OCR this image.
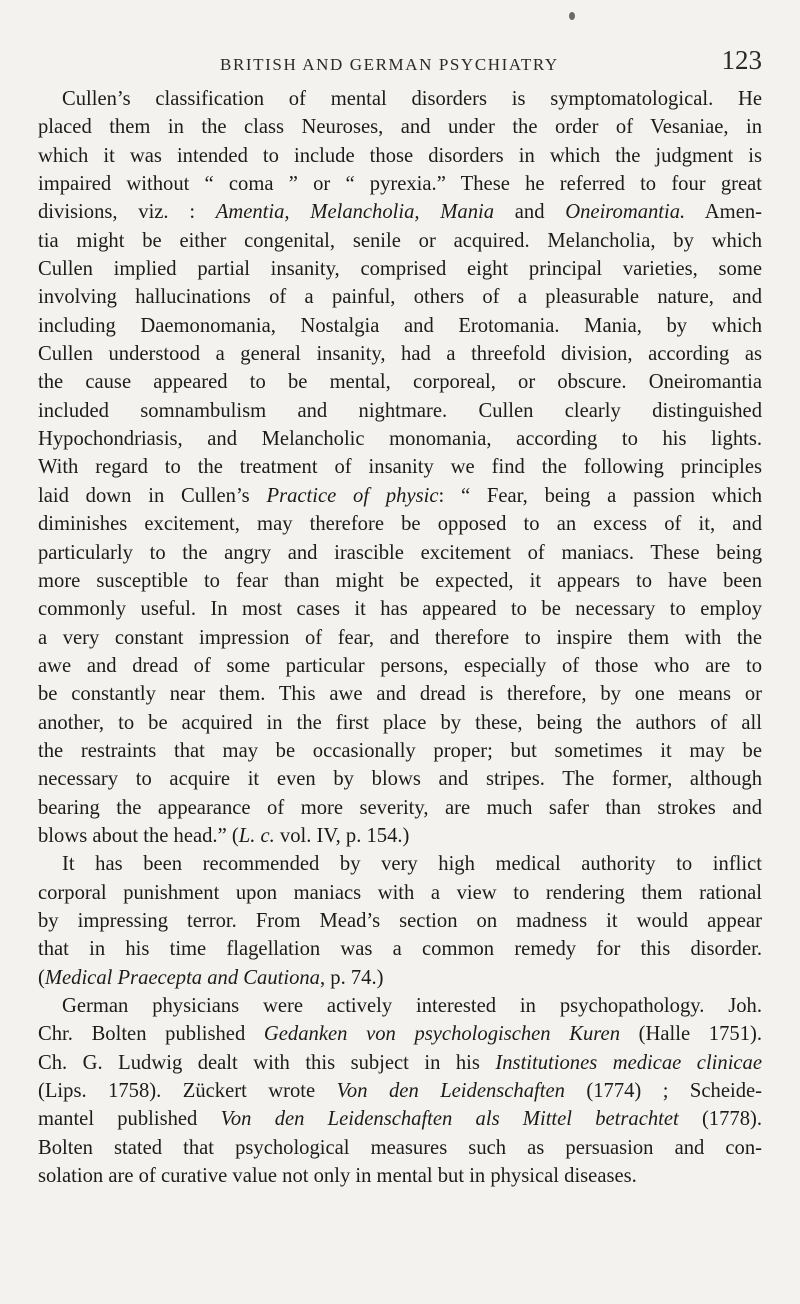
BRITISH AND GERMAN PSYCHIATRY	123

Cullen’s classification of mental disorders is symptomatological. He
placed them in the class Neuroses, and under the order of Vesaniae, in
which it was intended to include those disorders in which the judgment is
impaired without “ coma ” or “ pyrexia.” These he referred to four great
divisions, viz. : Amentia, Melancholia, Mania and Oneiromantia. Amen-
tia might be either congenital, senile or acquired. Melancholia, by which
Cullen implied partial insanity, comprised eight principal varieties, some
involving hallucinations of a painful, others of a pleasurable nature, and
including Daemonomania, Nostalgia and Erotomania. Mania, by which
Cullen understood a general insanity, had a threefold division, according as
the cause appeared to be mental, corporeal, or obscure. Oneiromantia
included somnambulism and nightmare. Cullen clearly distinguished
Hypochondriasis, and Melancholic monomania, according to his lights.
With regard to the treatment of insanity we find the following principles
laid down in Cullen’s Practice of physic: “ Fear, being a passion which
diminishes excitement, may therefore be opposed to an excess of it, and
particularly to the angry and irascible excitement of maniacs. These being
more susceptible to fear than might be expected, it appears to have been
commonly useful. In most cases it has appeared to be necessary to employ
a very constant impression of fear, and therefore to inspire them with the
awe and dread of some particular persons, especially of those who are to
be constantly near them. This awe and dread is therefore, by one means or
another, to be acquired in the first place by these, being the authors of all
the restraints that may be occasionally proper; but sometimes it may be
necessary to acquire it even by blows and stripes. The former, although
bearing the appearance of more severity, are much safer than strokes and
blows about the head.” (L. c. vol. IV, p. 154.)

It has been recommended by very high medical authority to inflict
corporal punishment upon maniacs with a view to rendering them rational
by impressing terror. From Mead’s section on madness it would appear
that in his time flagellation was a common remedy for this disorder.
(Medical Praecepta and Cautiona, p. 74.)

German physicians were actively interested in psychopathology. Joh.
Chr. Bolten published Gedanken von psychologischen Kuren (Halle 1751).
Ch. G. Ludwig dealt with this subject in his Institutiones medicae clinicae
(Lips. 1758). Zückert wrote Von den Leidenschaften (1774) ; Scheide-
mantel published Von den Leidenschaften als Mittel betrachtet (1778).
Bolten stated that psychological measures such as persuasion and con-
solation are of curative value not only in mental but in physical diseases.
